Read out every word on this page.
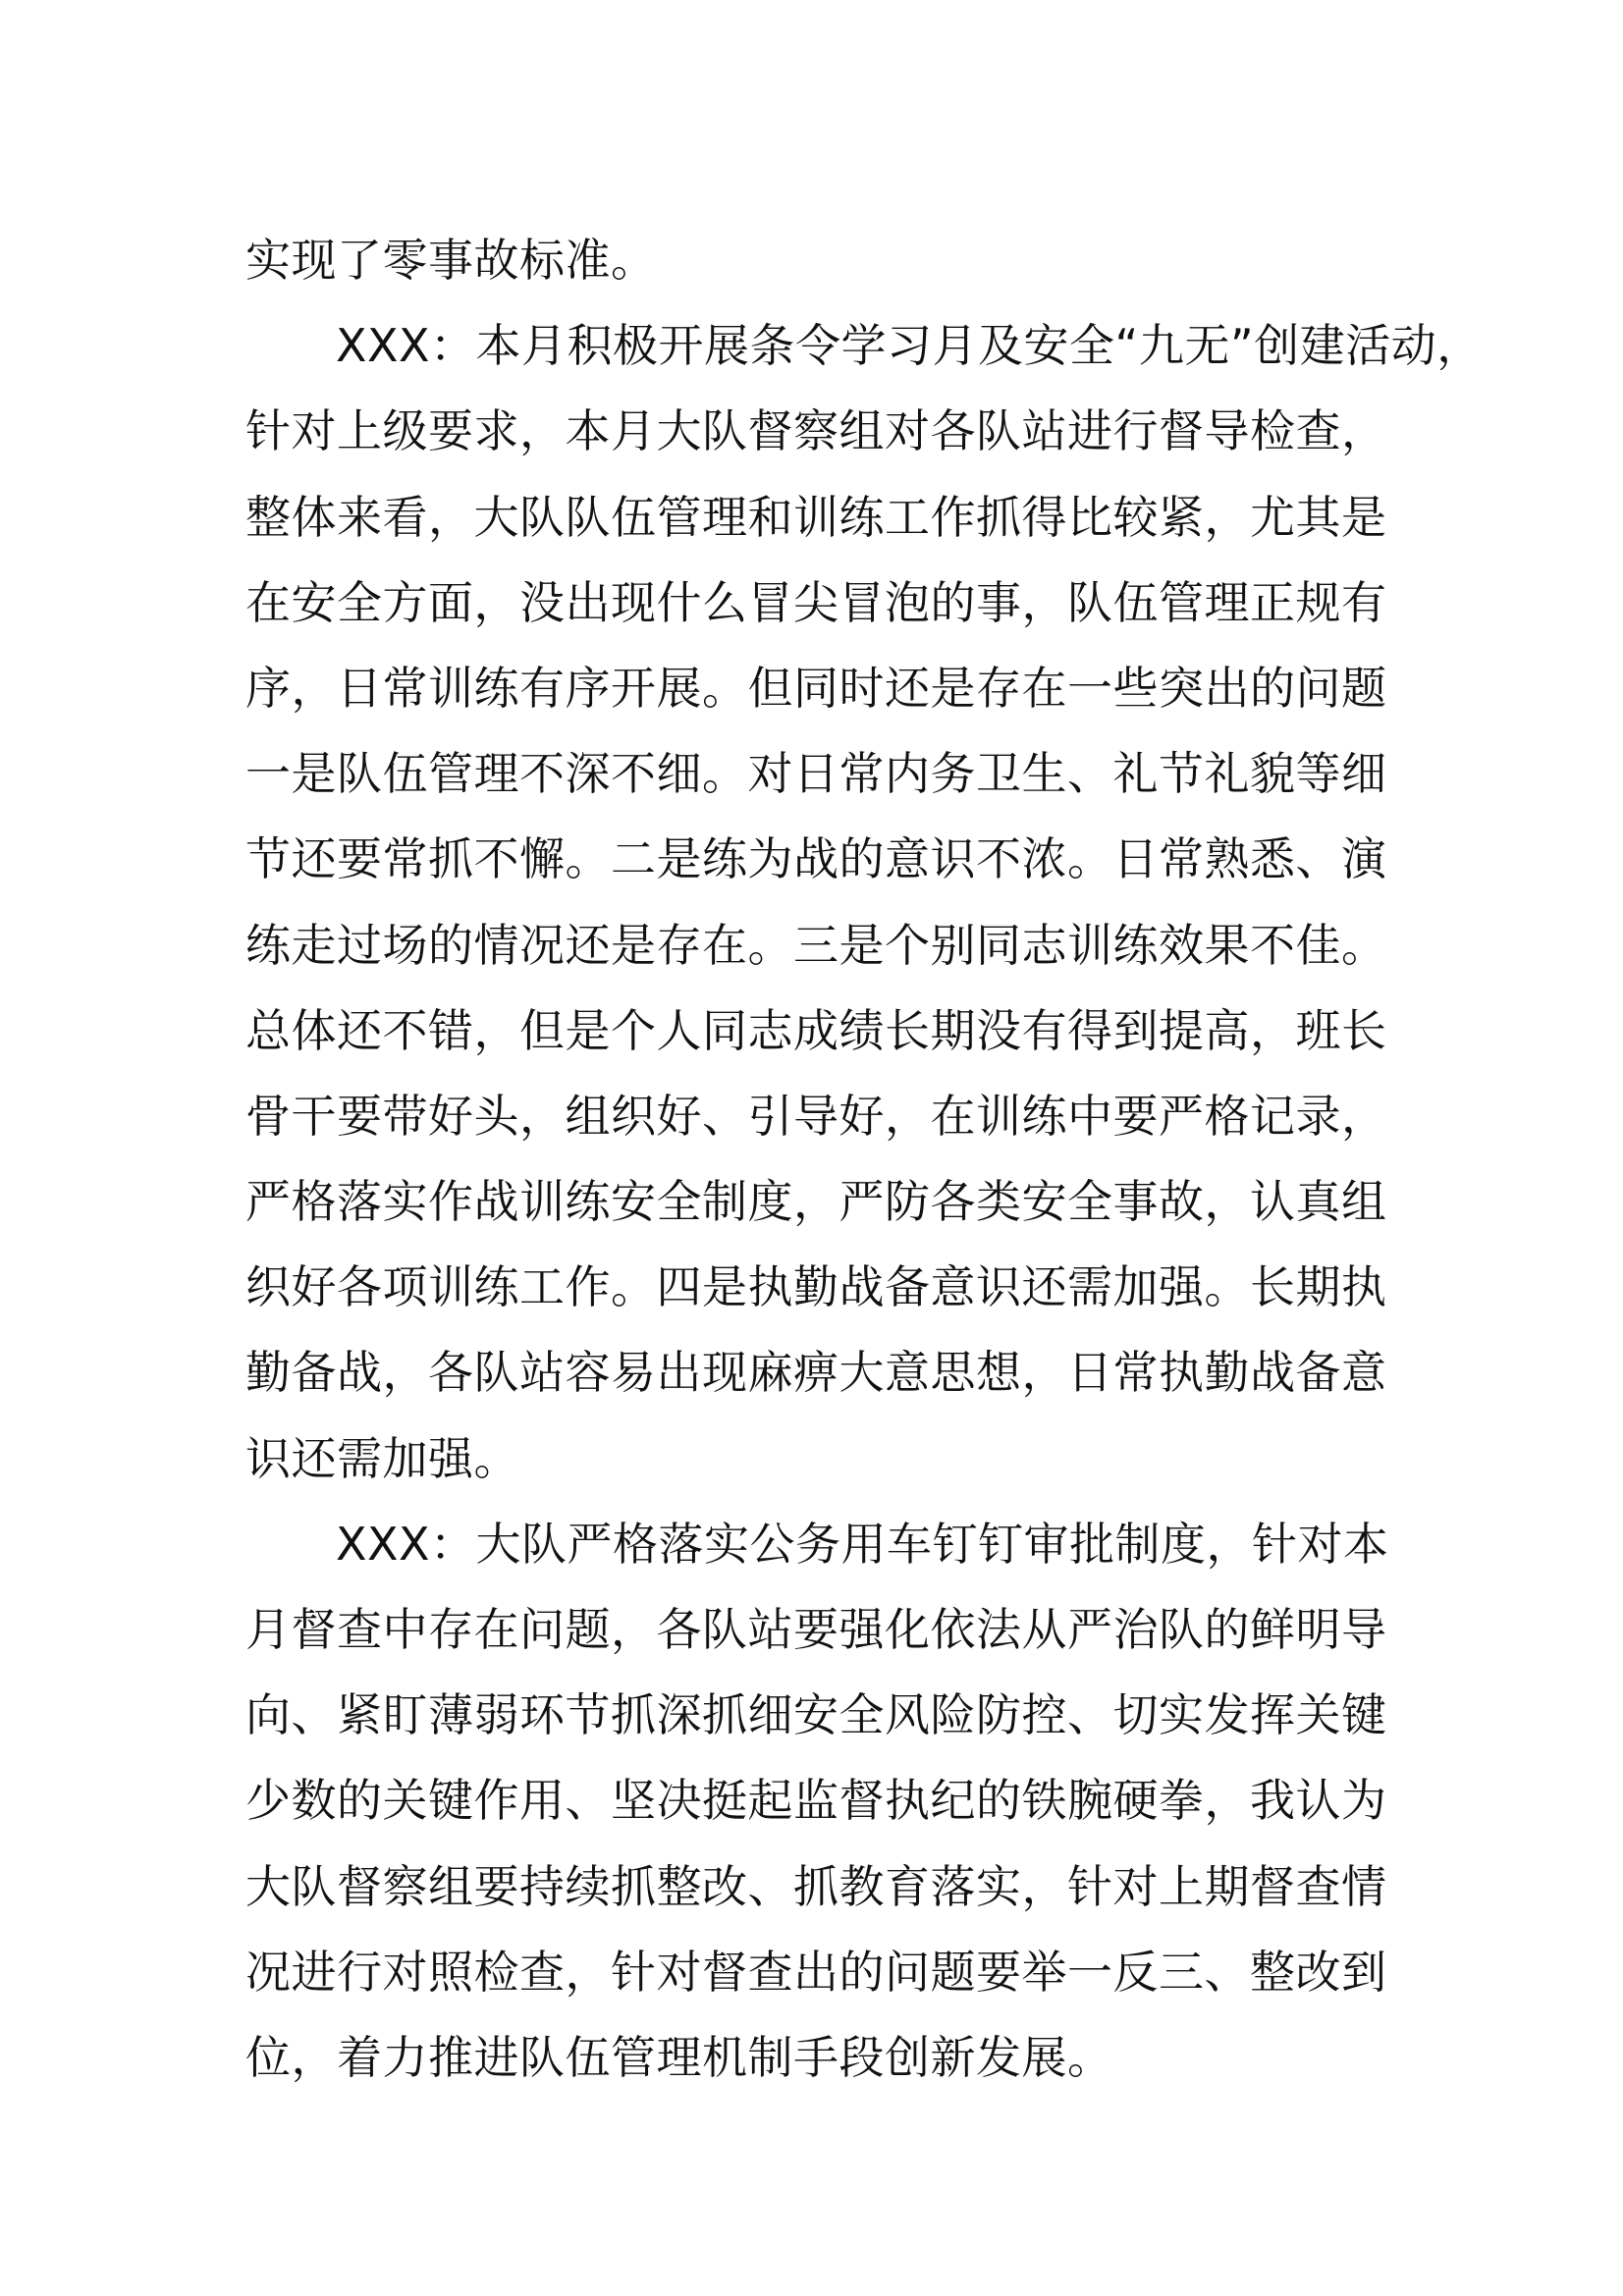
实现了零事故标准。
XXX：本月积极开展条令学习月及安全“九无”创建活动，
针对上级要求，本月大队督察组对各队站进行督导检查，
整体来看，大队队伍管理和训练工作抓得比较紧，尤其是
在安全方面，没出现什么冒尖冒泡的事，队伍管理正规有
序，日常训练有序开展。但同时还是存在一些突出的问题
一是队伍管理不深不细。对日常内务卫生、礼节礼貌等细
节还要常抓不懈。二是练为战的意识不浓。日常熟悉、演
练走过场的情况还是存在。三是个别同志训练效果不佳。
总体还不错，但是个人同志成绩长期没有得到提高，班长
骨干要带好头，组织好、引导好，在训练中要严格记录，
严格落实作战训练安全制度，严防各类安全事故，认真组
织好各项训练工作。四是执勤战备意识还需加强。长期执
勤备战，各队站容易出现麻痹大意思想，日常执勤战备意
识还需加强。
XXX：大队严格落实公务用车钉钉审批制度，针对本
月督查中存在问题，各队站要强化依法从严治队的鲜明导
向、紧盯薄弱环节抓深抓细安全风险防控、切实发挥关键
少数的关键作用、坚决挺起监督执纪的铁腕硬拳，我认为
大队督察组要持续抓整改、抓教育落实，针对上期督查情
况进行对照检查，针对督查出的问题要举一反三、整改到
位，着力推进队伍管理机制手段创新发展。
